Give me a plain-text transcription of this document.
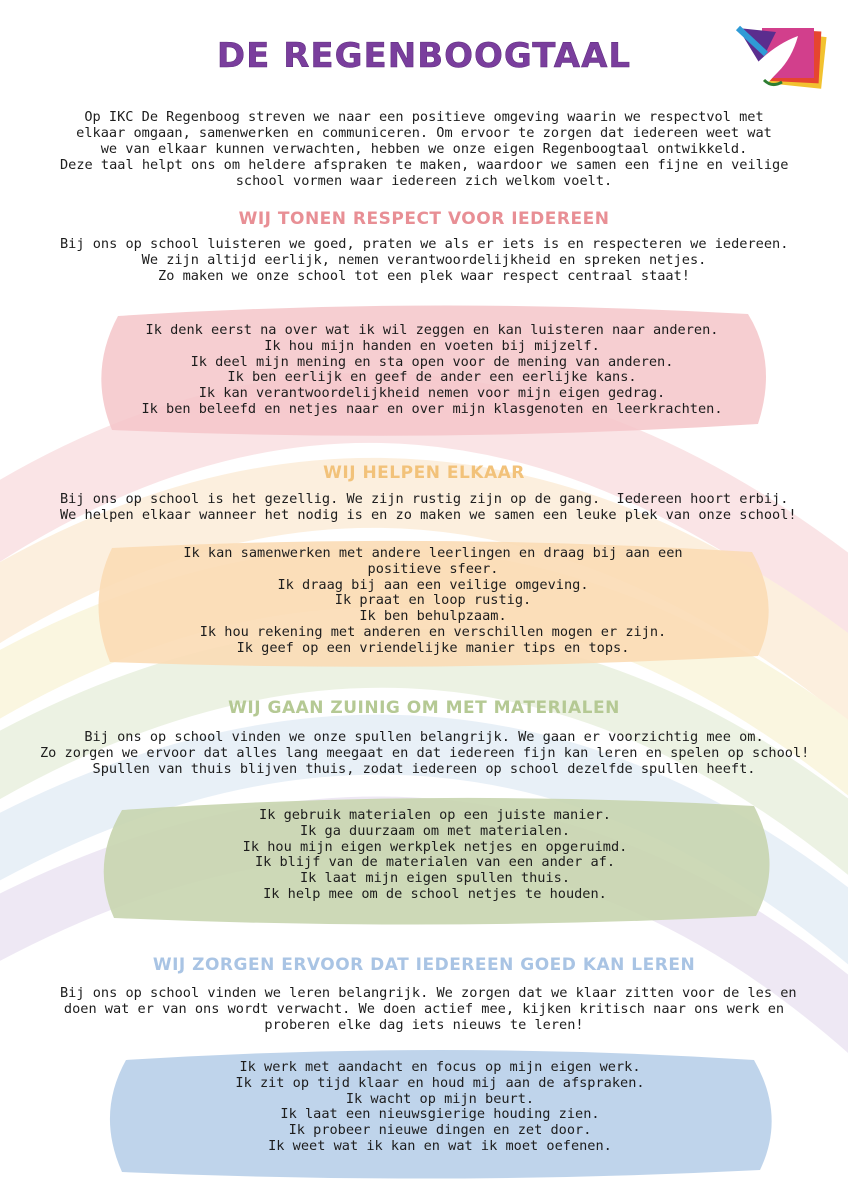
DE REGENBOOGTAAL
Op IKC De Regenboog streven we naar een positieve omgeving waarin we respectvol met
elkaar omgaan, samenwerken en communiceren. Om ervoor te zorgen dat iedereen weet wat
we van elkaar kunnen verwachten, hebben we onze eigen Regenboogtaal ontwikkeld.
Deze taal helpt ons om heldere afspraken te maken, waardoor we samen een fijne en veilige
school vormen waar iedereen zich welkom voelt.
WIJ TONEN RESPECT VOOR IEDEREEN
Bij ons op school luisteren we goed, praten we als er iets is en respecteren we iedereen.
We zijn altijd eerlijk, nemen verantwoordelijkheid en spreken netjes.
Zo maken we onze school tot een plek waar respect centraal staat!
Ik denk eerst na over wat ik wil zeggen en kan luisteren naar anderen.
Ik hou mijn handen en voeten bij mijzelf.
Ik deel mijn mening en sta open voor de mening van anderen.
Ik ben eerlijk en geef de ander een eerlijke kans.
Ik kan verantwoordelijkheid nemen voor mijn eigen gedrag.
Ik ben beleefd en netjes naar en over mijn klasgenoten en leerkrachten.
WIJ HELPEN ELKAAR
Bij ons op school is het gezellig. We zijn rustig zijn op de gang.  Iedereen hoort erbij.
We helpen elkaar wanneer het nodig is en zo maken we samen een leuke plek van onze school!
Ik kan samenwerken met andere leerlingen en draag bij aan een
positieve sfeer.
Ik draag bij aan een veilige omgeving.
Ik praat en loop rustig.
Ik ben behulpzaam.
Ik hou rekening met anderen en verschillen mogen er zijn.
Ik geef op een vriendelijke manier tips en tops.
WIJ GAAN ZUINIG OM MET MATERIALEN
Bij ons op school vinden we onze spullen belangrijk. We gaan er voorzichtig mee om.
Zo zorgen we ervoor dat alles lang meegaat en dat iedereen fijn kan leren en spelen op school!
Spullen van thuis blijven thuis, zodat iedereen op school dezelfde spullen heeft.
Ik gebruik materialen op een juiste manier.
Ik ga duurzaam om met materialen.
Ik hou mijn eigen werkplek netjes en opgeruimd.
Ik blijf van de materialen van een ander af.
Ik laat mijn eigen spullen thuis.
Ik help mee om de school netjes te houden.
WIJ ZORGEN ERVOOR DAT IEDEREEN GOED KAN LEREN
Bij ons op school vinden we leren belangrijk. We zorgen dat we klaar zitten voor de les en
doen wat er van ons wordt verwacht. We doen actief mee, kijken kritisch naar ons werk en
proberen elke dag iets nieuws te leren!
Ik werk met aandacht en focus op mijn eigen werk.
Ik zit op tijd klaar en houd mij aan de afspraken.
Ik wacht op mijn beurt.
Ik laat een nieuwsgierige houding zien.
Ik probeer nieuwe dingen en zet door.
Ik weet wat ik kan en wat ik moet oefenen.
